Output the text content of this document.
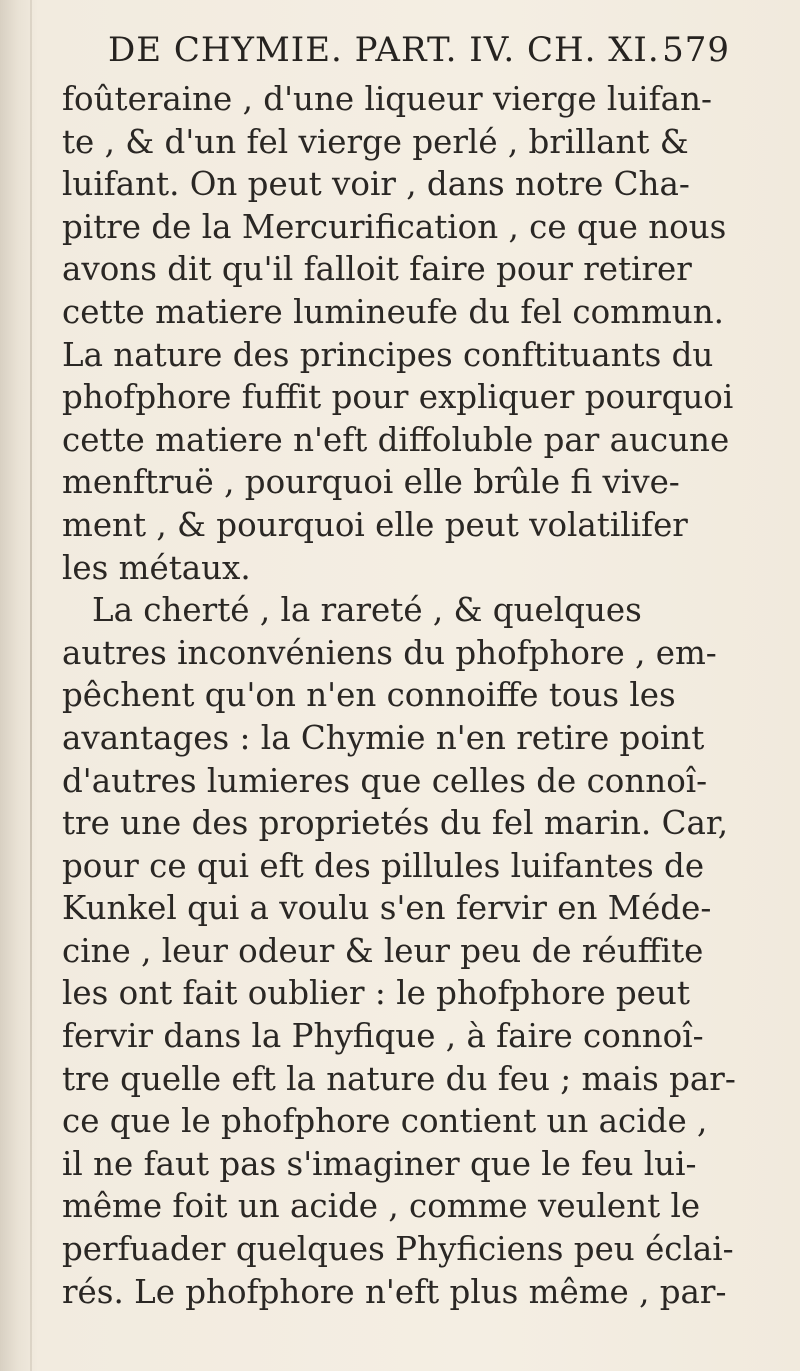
DE CHYMIE. PART. IV. CH. XI. 579
foûteraine , d'une liqueur vierge luifan-
te , & d'un fel vierge perlé , brillant &
luifant. On peut voir , dans notre Cha-
pitre de la Mercurification , ce que nous
avons dit qu'il falloit faire pour retirer
cette matiere lumineufe du fel commun.
La nature des principes conftituants du
phofphore fuffit pour expliquer pourquoi
cette matiere n'eft diffoluble par aucune
menftruë , pourquoi elle brûle fi vive-
ment , & pourquoi elle peut volatilifer
les métaux.
La cherté , la rareté , & quelques
autres inconvéniens du phofphore , em-
pêchent qu'on n'en connoiffe tous les
avantages : la Chymie n'en retire point
d'autres lumieres que celles de connoî-
tre une des proprietés du fel marin. Car,
pour ce qui eft des pillules luifantes de
Kunkel qui a voulu s'en fervir en Méde-
cine , leur odeur & leur peu de réuffite
les ont fait oublier : le phofphore peut
fervir dans la Phyfique , à faire connoî-
tre quelle eft la nature du feu ; mais par-
ce que le phofphore contient un acide ,
il ne faut pas s'imaginer que le feu lui-
même foit un acide , comme veulent le
perfuader quelques Phyficiens peu éclai-
rés. Le phofphore n'eft plus même , par-
